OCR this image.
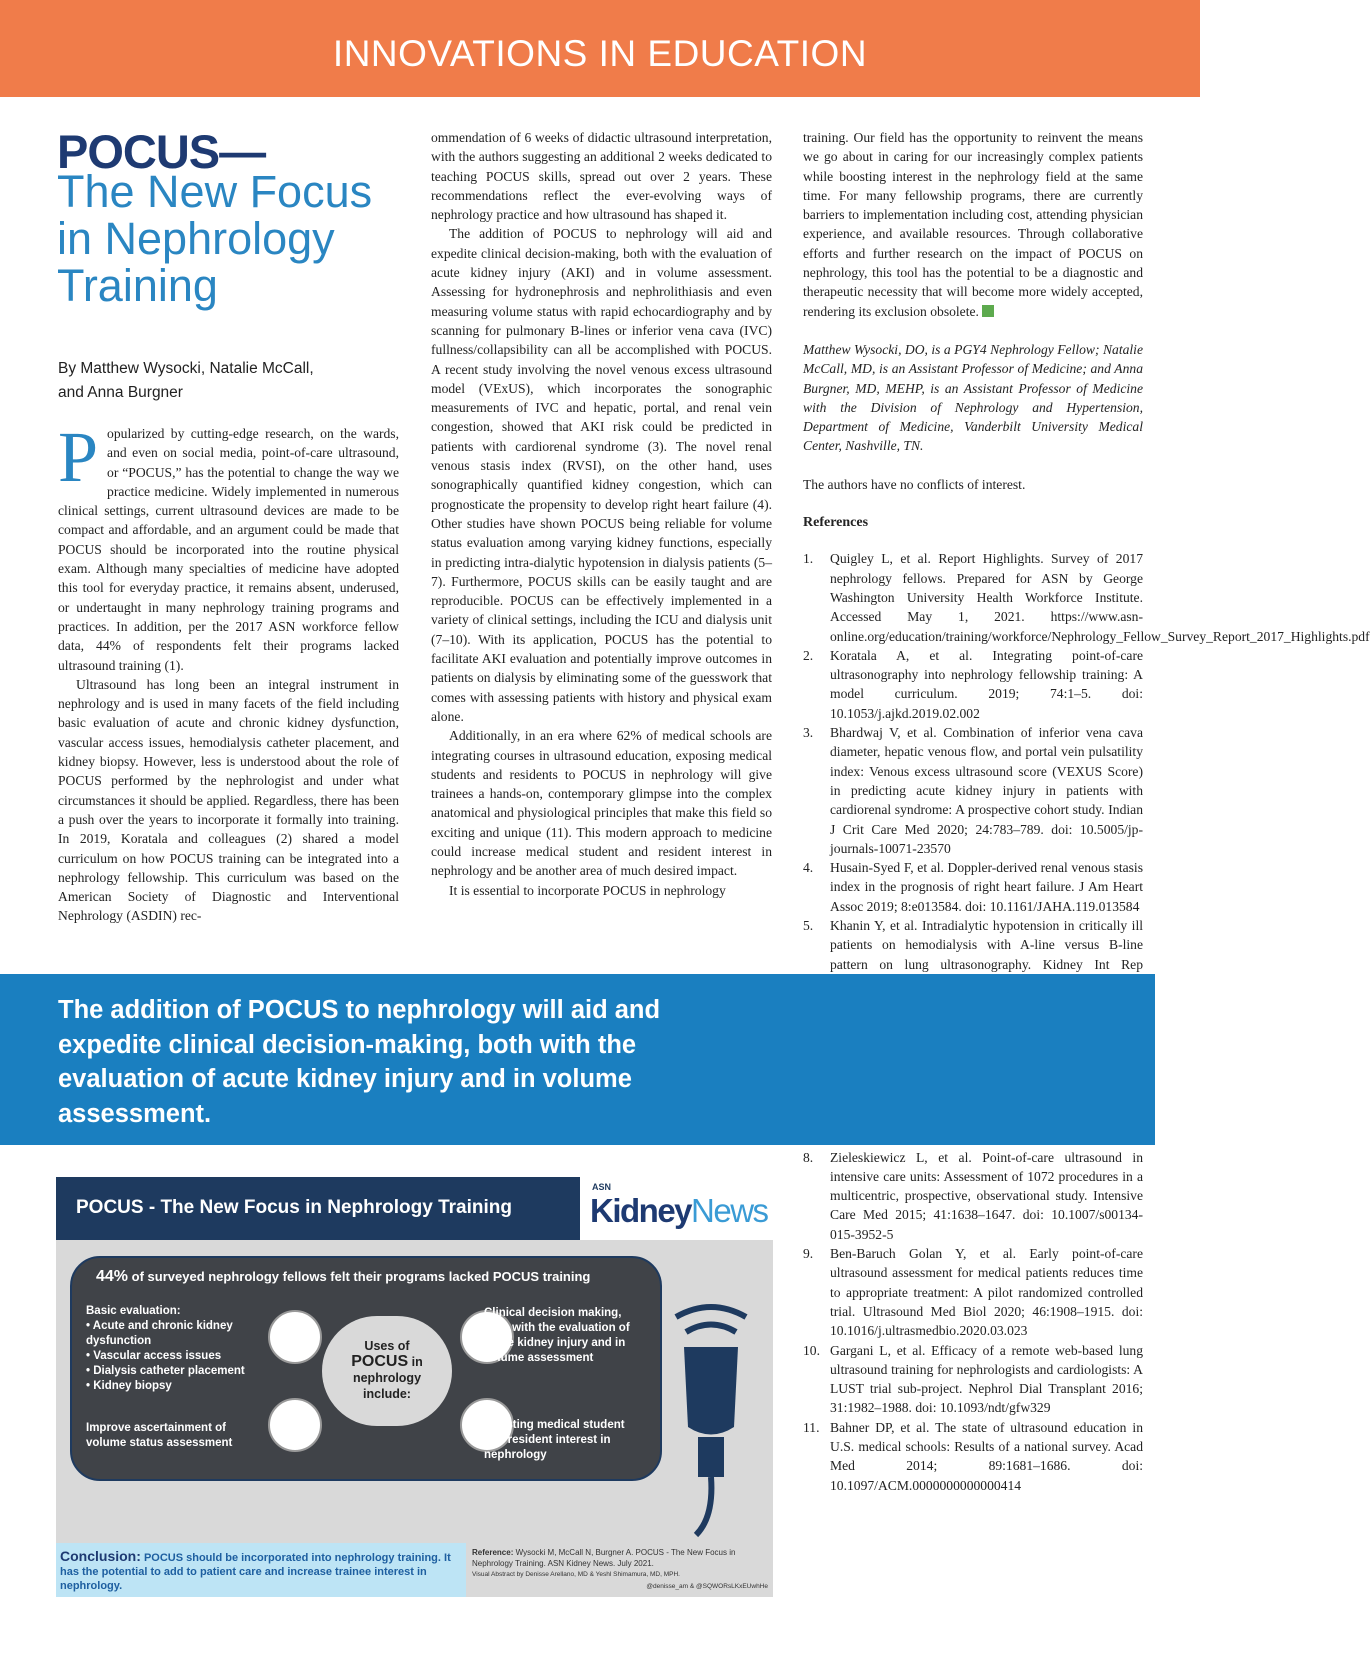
INNOVATIONS IN EDUCATION
POCUS—
The New Focus
in Nephrology
Training
By Matthew Wysocki, Natalie McCall,
and Anna Burgner

Popularized by cutting-edge research, on the wards, and even on social media, point-of-care ultrasound, or “POCUS,” has the potential to change the way we practice medicine. Widely implemented in numerous clinical settings, current ultrasound devices are made to be compact and affordable, and an argument could be made that POCUS should be incorporated into the routine physical exam. Although many specialties of medicine have adopted this tool for everyday practice, it remains absent, underused, or undertaught in many nephrology training programs and practices. In addition, per the 2017 ASN workforce fellow data, 44% of respondents felt their programs lacked ultrasound training (1).

Ultrasound has long been an integral instrument in nephrology and is used in many facets of the field including basic evaluation of acute and chronic kidney dysfunction, vascular access issues, hemodialysis catheter placement, and kidney biopsy. However, less is understood about the role of POCUS performed by the nephrologist and under what circumstances it should be applied. Regardless, there has been a push over the years to incorporate it formally into training. In 2019, Koratala and colleagues (2) shared a model curriculum on how POCUS training can be integrated into a nephrology fellowship. This curriculum was based on the American Society of Diagnostic and Interventional Nephrology (ASDIN) rec-

ommendation of 6 weeks of didactic ultrasound interpretation, with the authors suggesting an additional 2 weeks dedicated to teaching POCUS skills, spread out over 2 years. These recommendations reflect the ever-evolving ways of nephrology practice and how ultrasound has shaped it.

The addition of POCUS to nephrology will aid and expedite clinical decision-making, both with the evaluation of acute kidney injury (AKI) and in volume assessment. Assessing for hydronephrosis and nephrolithiasis and even measuring volume status with rapid echocardiography and by scanning for pulmonary B-lines or inferior vena cava (IVC) fullness/collapsibility can all be accomplished with POCUS. A recent study involving the novel venous excess ultrasound model (VExUS), which incorporates the sonographic measurements of IVC and hepatic, portal, and renal vein congestion, showed that AKI risk could be predicted in patients with cardiorenal syndrome (3). The novel renal venous stasis index (RVSI), on the other hand, uses sonographically quantified kidney congestion, which can prognosticate the propensity to develop right heart failure (4). Other studies have shown POCUS being reliable for volume status evaluation among varying kidney functions, especially in predicting intra-dialytic hypotension in dialysis patients (5–7). Furthermore, POCUS skills can be easily taught and are reproducible. POCUS can be effectively implemented in a variety of clinical settings, including the ICU and dialysis unit (7–10). With its application, POCUS has the potential to facilitate AKI evaluation and potentially improve outcomes in patients on dialysis by eliminating some of the guesswork that comes with assessing patients with history and physical exam alone.

Additionally, in an era where 62% of medical schools are integrating courses in ultrasound education, exposing medical students and residents to POCUS in nephrology will give trainees a hands-on, contemporary glimpse into the complex anatomical and physiological principles that make this field so exciting and unique (11). This modern approach to medicine could increase medical student and resident interest in nephrology and be another area of much desired impact.

It is essential to incorporate POCUS in nephrology

training. Our field has the opportunity to reinvent the means we go about in caring for our increasingly complex patients while boosting interest in the nephrology field at the same time. For many fellowship programs, there are currently barriers to implementation including cost, attending physician experience, and available resources. Through collaborative efforts and further research on the impact of POCUS on nephrology, this tool has the potential to be a diagnostic and therapeutic necessity that will become more widely accepted, rendering its exclusion obsolete.

Matthew Wysocki, DO, is a PGY4 Nephrology Fellow; Natalie McCall, MD, is an Assistant Professor of Medicine; and Anna Burgner, MD, MEHP, is an Assistant Professor of Medicine with the Division of Nephrology and Hypertension, Department of Medicine, Vanderbilt University Medical Center, Nashville, TN.

The authors have no conflicts of interest.

References

1. Quigley L, et al. Report Highlights. Survey of 2017 nephrology fellows. Prepared for ASN by George Washington University Health Workforce Institute. Accessed May 1, 2021. https://www.asn-online.org/education/training/workforce/Nephrology_Fellow_Survey_Report_2017_Highlights.pdf
2. Koratala A, et al. Integrating point-of-care ultrasonography into nephrology fellowship training: A model curriculum. 2019; 74:1–5. doi: 10.1053/j.ajkd.2019.02.002
3. Bhardwaj V, et al. Combination of inferior vena cava diameter, hepatic venous flow, and portal vein pulsatility index: Venous excess ultrasound score (VEXUS Score) in predicting acute kidney injury in patients with cardiorenal syndrome: A prospective cohort study. Indian J Crit Care Med 2020; 24:783–789. doi: 10.5005/jp-journals-10071-23570
4. Husain-Syed F, et al. Doppler-derived renal venous stasis index in the prognosis of right heart failure. J Am Heart Assoc 2019; 8:e013584. doi: 10.1161/JAHA.119.013584
5. Khanin Y, et al. Intradialytic hypotension in critically ill patients on hemodialysis with A-line versus B-line pattern on lung ultrasonography. Kidney Int Rep
8. Zieleskiewicz L, et al. Point-of-care ultrasound in intensive care units: Assessment of 1072 procedures in a multicentric, prospective, observational study. Intensive Care Med 2015; 41:1638–1647. doi: 10.1007/s00134-015-3952-5
9. Ben-Baruch Golan Y, et al. Early point-of-care ultrasound assessment for medical patients reduces time to appropriate treatment: A pilot randomized controlled trial. Ultrasound Med Biol 2020; 46:1908–1915. doi: 10.1016/j.ultrasmedbio.2020.03.023
10. Gargani L, et al. Efficacy of a remote web-based lung ultrasound training for nephrologists and cardiologists: A LUST trial sub-project. Nephrol Dial Transplant 2016; 31:1982–1988. doi: 10.1093/ndt/gfw329
11. Bahner DP, et al. The state of ultrasound education in U.S. medical schools: Results of a national survey. Acad Med 2014; 89:1681–1686. doi: 10.1097/ACM.0000000000000414
The addition of POCUS to nephrology will aid and expedite clinical decision-making, both with the evaluation of acute kidney injury and in volume assessment.
POCUS - The New Focus in Nephrology Training
ASN
KidneyNews
44% of surveyed nephrology fellows felt their programs lacked POCUS training
Basic evaluation:
• Acute and chronic kidney dysfunction
• Vascular access issues
• Dialysis catheter placement
• Kidney biopsy
Improve ascertainment of volume status assessment
Uses of
POCUS in
nephrology
include:
Clinical decision making, both with the evaluation of acute kidney injury and in volume assessment
Boosting medical student and resident interest in nephrology
Conclusion: POCUS should be incorporated into nephrology training. It has the potential to add to patient care and increase trainee interest in nephrology.
Reference: Wysocki M, McCall N, Burgner A. POCUS - The New Focus in Nephrology Training. ASN Kidney News. July 2021.
Visual Abstract by Denisse Arellano, MD & Yeshl Shimamura, MD, MPH.
@denisse_am & @SQWORsLKxEUwhHe
